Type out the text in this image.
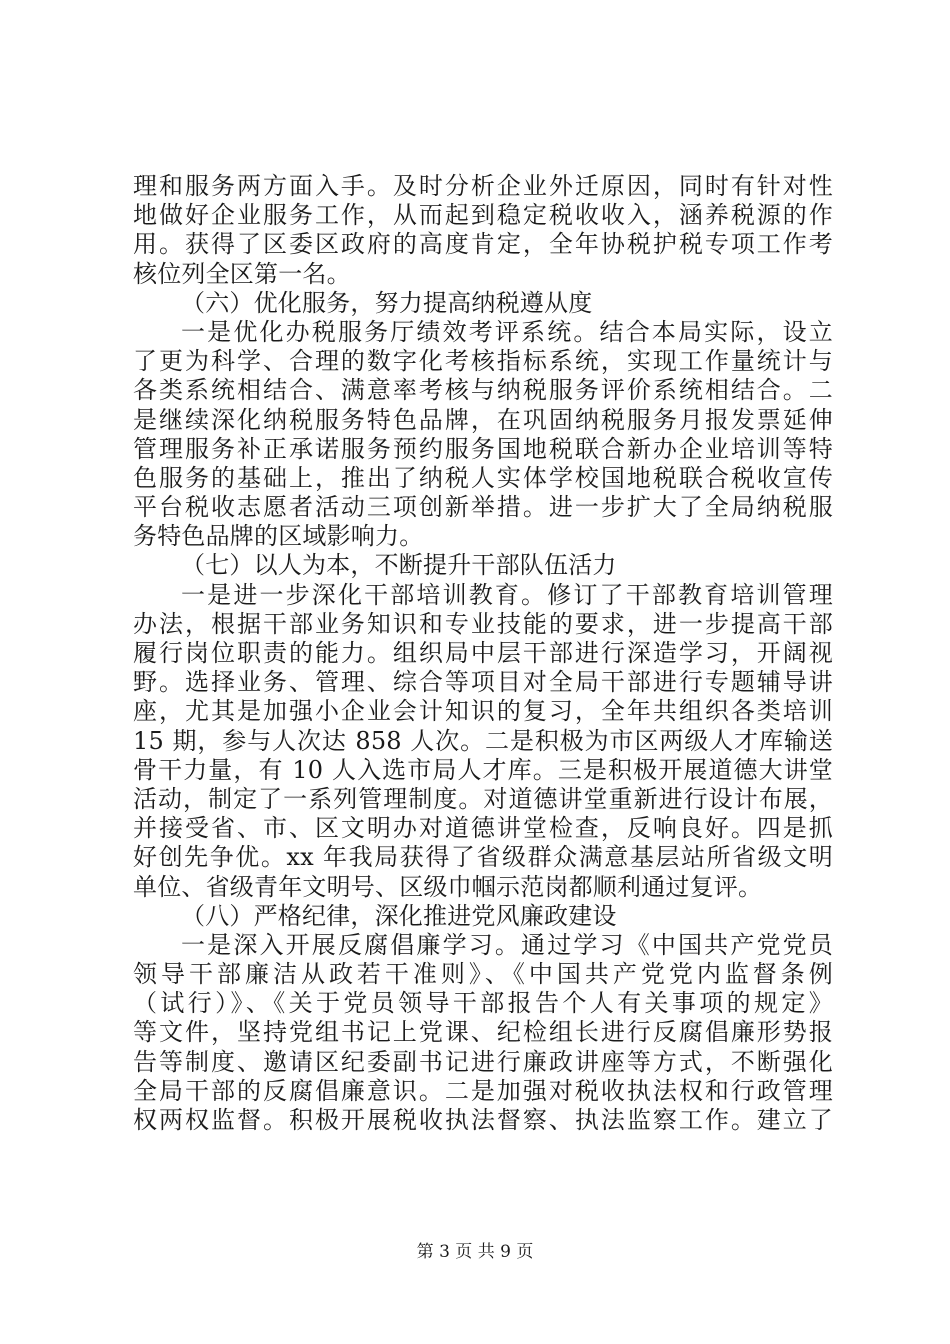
理和服务两方面入手。及时分析企业外迁原因，同时有针对性
地做好企业服务工作，从而起到稳定税收收入，涵养税源的作
用。获得了区委区政府的高度肯定，全年协税护税专项工作考
核位列全区第一名。
（六）优化服务，努力提高纳税遵从度
一是优化办税服务厅绩效考评系统。结合本局实际，设立
了更为科学、合理的数字化考核指标系统，实现工作量统计与
各类系统相结合、满意率考核与纳税服务评价系统相结合。二
是继续深化纳税服务特色品牌，在巩固纳税服务月报发票延伸
管理服务补正承诺服务预约服务国地税联合新办企业培训等特
色服务的基础上，推出了纳税人实体学校国地税联合税收宣传
平台税收志愿者活动三项创新举措。进一步扩大了全局纳税服
务特色品牌的区域影响力。
（七）以人为本，不断提升干部队伍活力
一是进一步深化干部培训教育。修订了干部教育培训管理
办法，根据干部业务知识和专业技能的要求，进一步提高干部
履行岗位职责的能力。组织局中层干部进行深造学习，开阔视
野。选择业务、管理、综合等项目对全局干部进行专题辅导讲
座，尤其是加强小企业会计知识的复习，全年共组织各类培训
15 期，参与人次达 858 人次。二是积极为市区两级人才库输送
骨干力量，有 10 人入选市局人才库。三是积极开展道德大讲堂
活动，制定了一系列管理制度。对道德讲堂重新进行设计布展，
并接受省、市、区文明办对道德讲堂检查，反响良好。四是抓
好创先争优。xx 年我局获得了省级群众满意基层站所省级文明
单位、省级青年文明号、区级巾帼示范岗都顺利通过复评。
（八）严格纪律，深化推进党风廉政建设
一是深入开展反腐倡廉学习。通过学习《中国共产党党员
领导干部廉洁从政若干准则》、《中国共产党党内监督条例
（试行）》、《关于党员领导干部报告个人有关事项的规定》
等文件，坚持党组书记上党课、纪检组长进行反腐倡廉形势报
告等制度、邀请区纪委副书记进行廉政讲座等方式，不断强化
全局干部的反腐倡廉意识。二是加强对税收执法权和行政管理
权两权监督。积极开展税收执法督察、执法监察工作。建立了
第 3 页 共 9 页
